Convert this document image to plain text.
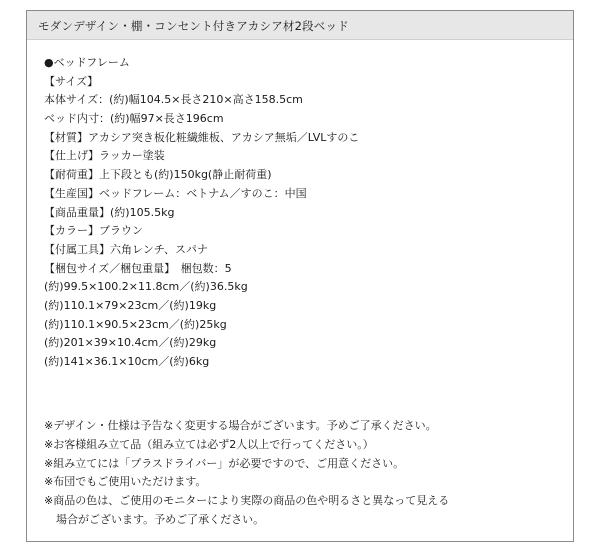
モダンデザイン・棚・コンセント付きアカシア材2段ベッド
●ベッドフレーム
【サイズ】
本体サイズ：(約)幅104.5×長さ210×高さ158.5cm
ベッド内寸：(約)幅97×長さ196cm
【材質】アカシア突き板化粧繊維板、アカシア無垢／LVLすのこ
【仕上げ】ラッカー塗装
【耐荷重】上下段とも(約)150kg(静止耐荷重)
【生産国】ベッドフレーム：ベトナム／すのこ：中国
【商品重量】(約)105.5kg
【カラー】ブラウン
【付属工具】六角レンチ、スパナ
【梱包サイズ／梱包重量】　梱包数：5
(約)99.5×100.2×11.8cm／(約)36.5kg
(約)110.1×79×23cm／(約)19kg
(約)110.1×90.5×23cm／(約)25kg
(約)201×39×10.4cm／(約)29kg
(約)141×36.1×10cm／(約)6kg
※デザイン・仕様は予告なく変更する場合がございます。予めご了承ください。
※お客様組み立て品（組み立ては必ず2人以上で行ってください。）
※組み立てには「プラスドライバー」が必要ですので、ご用意ください。
※布団でもご使用いただけます。
※商品の色は、ご使用のモニターにより実際の商品の色や明るさと異なって見える
場合がございます。予めご了承ください。
